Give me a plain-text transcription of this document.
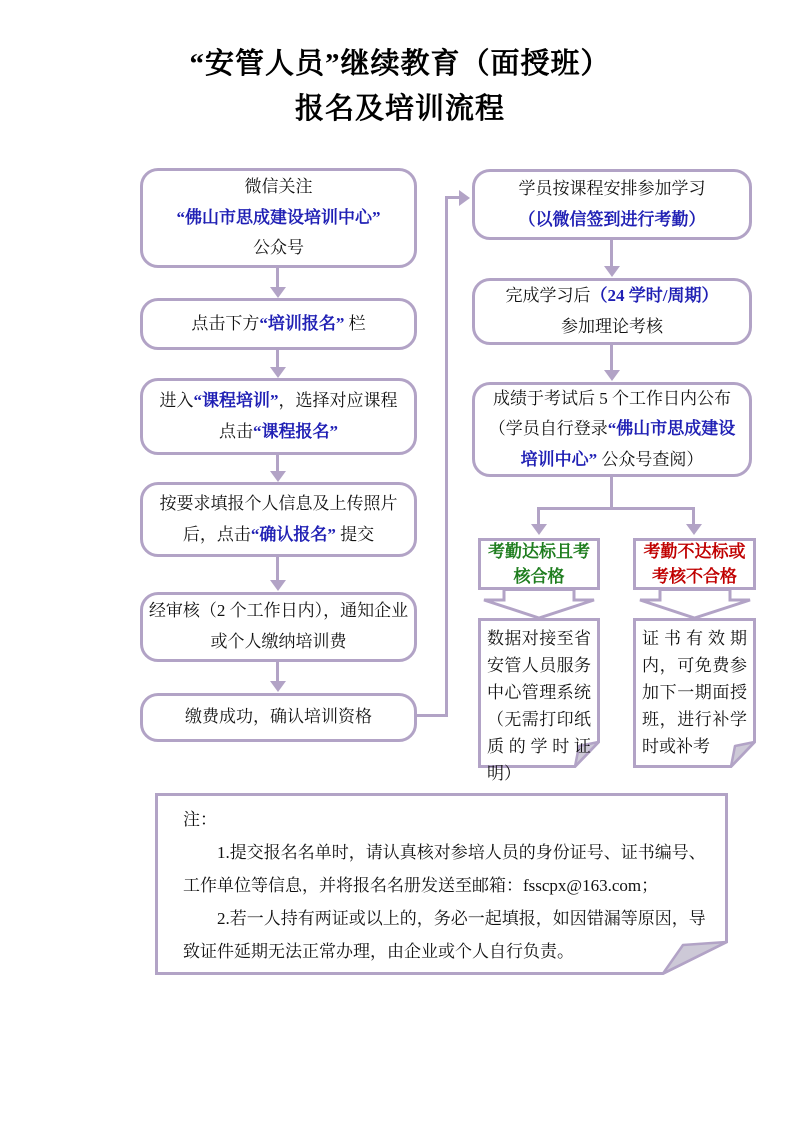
“安管人员”继续教育（面授班）
报名及培训流程
微信关注
“佛山市思成建设培训中心”
公众号
点击下方“培训报名” 栏
进入“课程培训”，选择对应课程
点击“课程报名”
按要求填报个人信息及上传照片
后，点击“确认报名” 提交
经审核（2 个工作日内），通知企业
或个人缴纳培训费
缴费成功，确认培训资格
学员按课程安排参加学习
（以微信签到进行考勤）
完成学习后（24 学时/周期）
参加理论考核
成绩于考试后 5 个工作日内公布
（学员自行登录“佛山市思成建设
培训中心” 公众号查阅）
考勤达标且考核合格
考勤不达标或考核不合格
数据对接至省安管人员服务中心管理系统（无需打印纸质的学时证明）
证书有效期内，可免费参加下一期面授班，进行补学时或补考

注：

1.提交报名名单时，请认真核对参培人员的身份证号、证书编号、工作单位等信息，并将报名名册发送至邮箱：fsscpx@163.com；

2.若一人持有两证或以上的，务必一起填报，如因错漏等原因，导致证件延期无法正常办理，由企业或个人自行负责。
